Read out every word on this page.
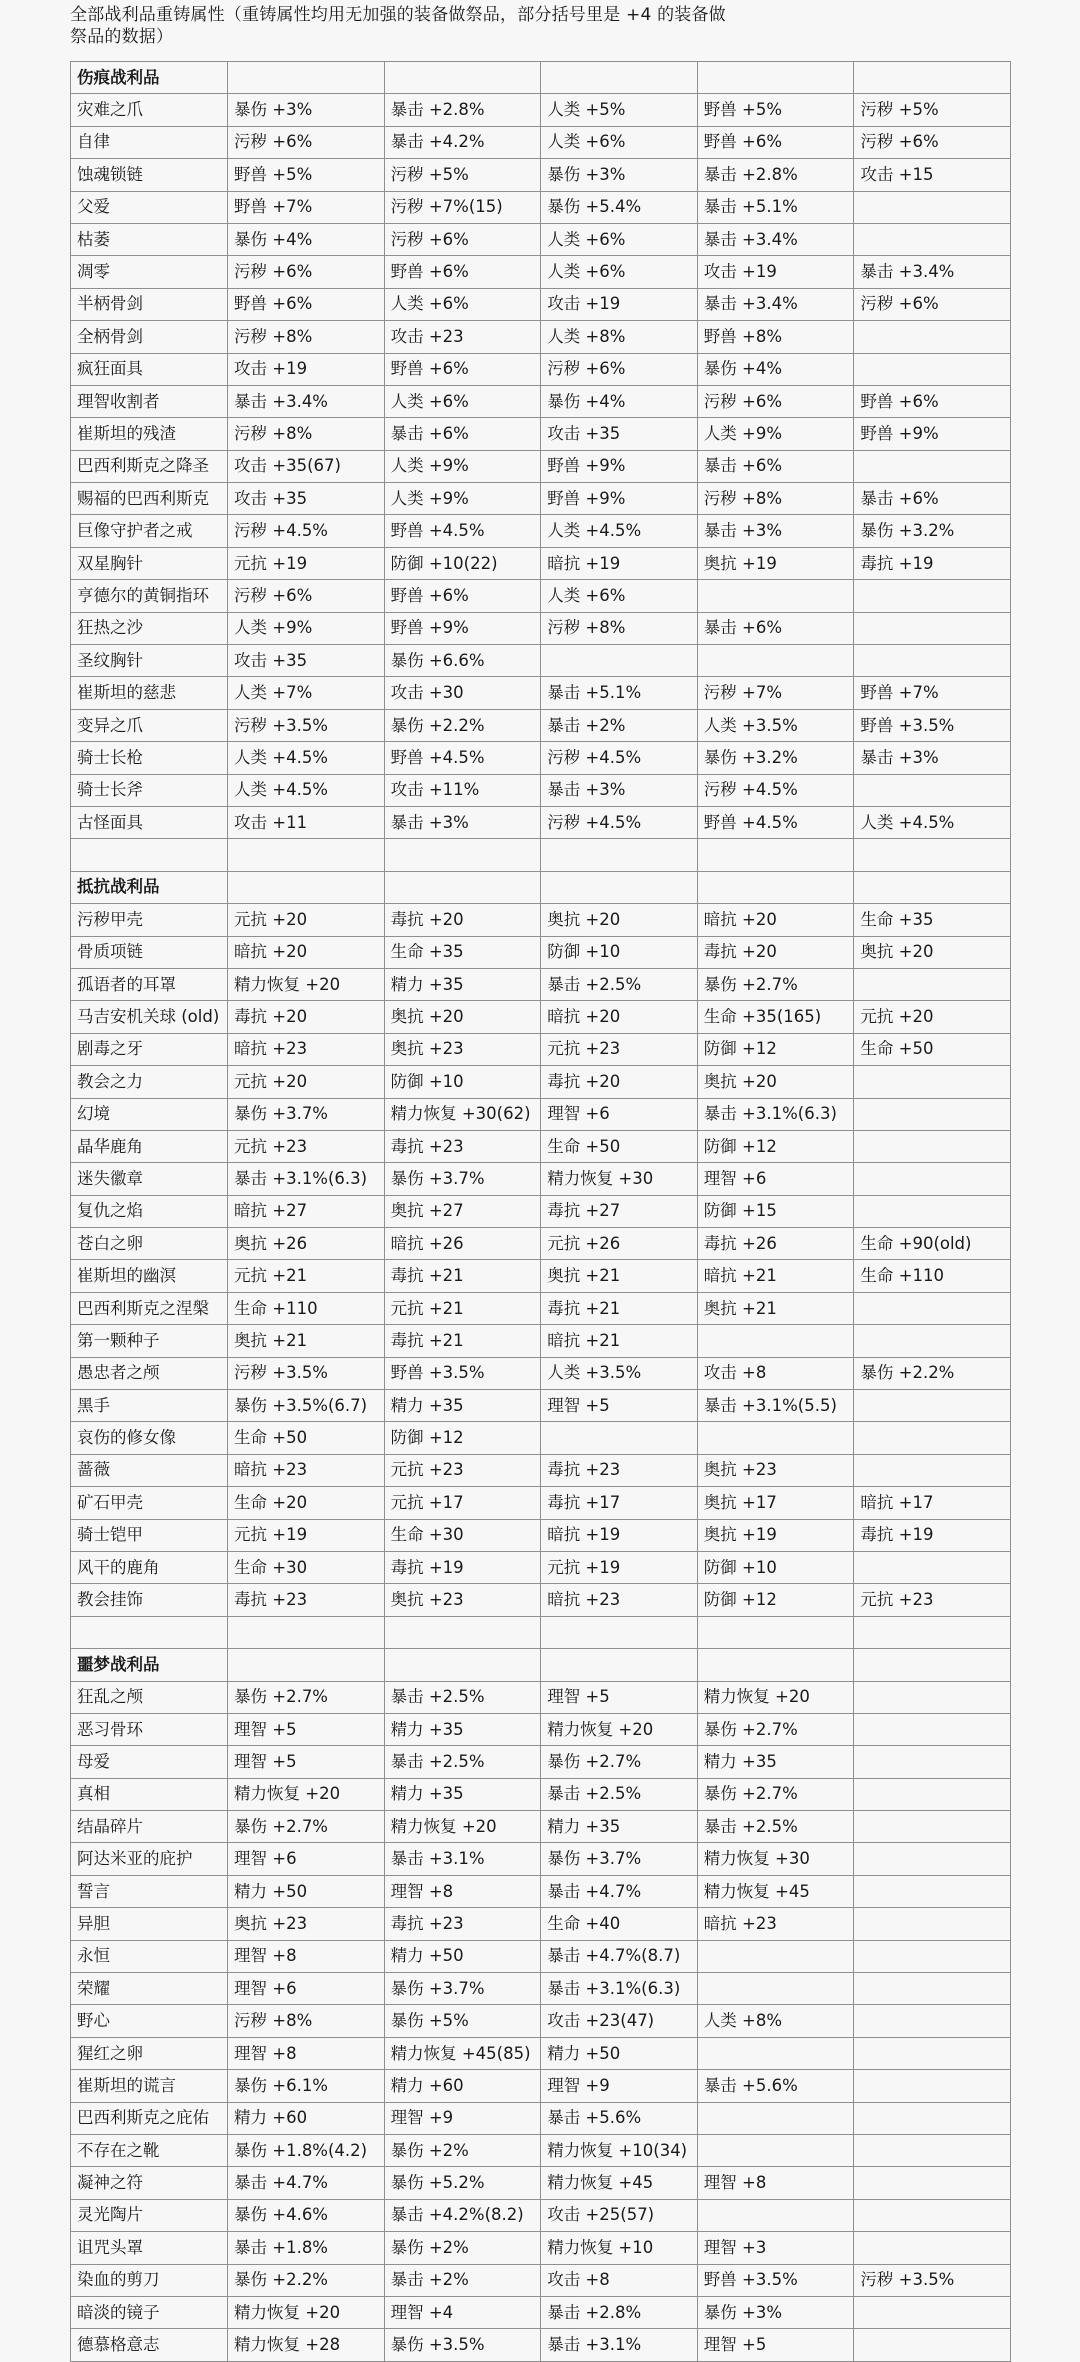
全部战利品重铸属性（重铸属性均用无加强的装备做祭品，部分括号里是 +4 的装备做
祭品的数据）
伤痕战利品					
灾难之爪	暴伤 +3%	暴击 +2.8%	人类 +5%	野兽 +5%	污秽 +5%
自律	污秽 +6%	暴击 +4.2%	人类 +6%	野兽 +6%	污秽 +6%
蚀魂锁链	野兽 +5%	污秽 +5%	暴伤 +3%	暴击 +2.8%	攻击 +15
父爱	野兽 +7%	污秽 +7%(15)	暴伤 +5.4%	暴击 +5.1%	
枯萎	暴伤 +4%	污秽 +6%	人类 +6%	暴击 +3.4%	
凋零	污秽 +6%	野兽 +6%	人类 +6%	攻击 +19	暴击 +3.4%
半柄骨剑	野兽 +6%	人类 +6%	攻击 +19	暴击 +3.4%	污秽 +6%
全柄骨剑	污秽 +8%	攻击 +23	人类 +8%	野兽 +8%	
疯狂面具	攻击 +19	野兽 +6%	污秽 +6%	暴伤 +4%	
理智收割者	暴击 +3.4%	人类 +6%	暴伤 +4%	污秽 +6%	野兽 +6%
崔斯坦的残渣	污秽 +8%	暴击 +6%	攻击 +35	人类 +9%	野兽 +9%
巴西利斯克之降圣	攻击 +35(67)	人类 +9%	野兽 +9%	暴击 +6%	
赐福的巴西利斯克	攻击 +35	人类 +9%	野兽 +9%	污秽 +8%	暴击 +6%
巨像守护者之戒	污秽 +4.5%	野兽 +4.5%	人类 +4.5%	暴击 +3%	暴伤 +3.2%
双星胸针	元抗 +19	防御 +10(22)	暗抗 +19	奥抗 +19	毒抗 +19
亨德尔的黄铜指环	污秽 +6%	野兽 +6%	人类 +6%		
狂热之沙	人类 +9%	野兽 +9%	污秽 +8%	暴击 +6%	
圣纹胸针	攻击 +35	暴伤 +6.6%			
崔斯坦的慈悲	人类 +7%	攻击 +30	暴击 +5.1%	污秽 +7%	野兽 +7%
变异之爪	污秽 +3.5%	暴伤 +2.2%	暴击 +2%	人类 +3.5%	野兽 +3.5%
骑士长枪	人类 +4.5%	野兽 +4.5%	污秽 +4.5%	暴伤 +3.2%	暴击 +3%
骑士长斧	人类 +4.5%	攻击 +11%	暴击 +3%	污秽 +4.5%	
古怪面具	攻击 +11	暴击 +3%	污秽 +4.5%	野兽 +4.5%	人类 +4.5%

抵抗战利品					
污秽甲壳	元抗 +20	毒抗 +20	奥抗 +20	暗抗 +20	生命 +35
骨质项链	暗抗 +20	生命 +35	防御 +10	毒抗 +20	奥抗 +20
孤语者的耳罩	精力恢复 +20	精力 +35	暴击 +2.5%	暴伤 +2.7%	
马吉安机关球 (old)	毒抗 +20	奥抗 +20	暗抗 +20	生命 +35(165)	元抗 +20
剧毒之牙	暗抗 +23	奥抗 +23	元抗 +23	防御 +12	生命 +50
教会之力	元抗 +20	防御 +10	毒抗 +20	奥抗 +20	
幻境	暴伤 +3.7%	精力恢复 +30(62)	理智 +6	暴击 +3.1%(6.3)	
晶华鹿角	元抗 +23	毒抗 +23	生命 +50	防御 +12	
迷失徽章	暴击 +3.1%(6.3)	暴伤 +3.7%	精力恢复 +30	理智 +6	
复仇之焰	暗抗 +27	奥抗 +27	毒抗 +27	防御 +15	
苍白之卵	奥抗 +26	暗抗 +26	元抗 +26	毒抗 +26	生命 +90(old)
崔斯坦的幽溟	元抗 +21	毒抗 +21	奥抗 +21	暗抗 +21	生命 +110
巴西利斯克之涅槃	生命 +110	元抗 +21	毒抗 +21	奥抗 +21	
第一颗种子	奥抗 +21	毒抗 +21	暗抗 +21		
愚忠者之颅	污秽 +3.5%	野兽 +3.5%	人类 +3.5%	攻击 +8	暴伤 +2.2%
黑手	暴伤 +3.5%(6.7)	精力 +35	理智 +5	暴击 +3.1%(5.5)	
哀伤的修女像	生命 +50	防御 +12			
蔷薇	暗抗 +23	元抗 +23	毒抗 +23	奥抗 +23	
矿石甲壳	生命 +20	元抗 +17	毒抗 +17	奥抗 +17	暗抗 +17
骑士铠甲	元抗 +19	生命 +30	暗抗 +19	奥抗 +19	毒抗 +19
风干的鹿角	生命 +30	毒抗 +19	元抗 +19	防御 +10	
教会挂饰	毒抗 +23	奥抗 +23	暗抗 +23	防御 +12	元抗 +23

噩梦战利品					
狂乱之颅	暴伤 +2.7%	暴击 +2.5%	理智 +5	精力恢复 +20	
恶习骨环	理智 +5	精力 +35	精力恢复 +20	暴伤 +2.7%	
母爱	理智 +5	暴击 +2.5%	暴伤 +2.7%	精力 +35	
真相	精力恢复 +20	精力 +35	暴击 +2.5%	暴伤 +2.7%	
结晶碎片	暴伤 +2.7%	精力恢复 +20	精力 +35	暴击 +2.5%	
阿达米亚的庇护	理智 +6	暴击 +3.1%	暴伤 +3.7%	精力恢复 +30	
誓言	精力 +50	理智 +8	暴击 +4.7%	精力恢复 +45	
异胆	奥抗 +23	毒抗 +23	生命 +40	暗抗 +23	
永恒	理智 +8	精力 +50	暴击 +4.7%(8.7)		
荣耀	理智 +6	暴伤 +3.7%	暴击 +3.1%(6.3)		
野心	污秽 +8%	暴伤 +5%	攻击 +23(47)	人类 +8%	
猩红之卵	理智 +8	精力恢复 +45(85)	精力 +50		
崔斯坦的谎言	暴伤 +6.1%	精力 +60	理智 +9	暴击 +5.6%	
巴西利斯克之庇佑	精力 +60	理智 +9	暴击 +5.6%		
不存在之靴	暴伤 +1.8%(4.2)	暴伤 +2%	精力恢复 +10(34)		
凝神之符	暴击 +4.7%	暴伤 +5.2%	精力恢复 +45	理智 +8	
灵光陶片	暴伤 +4.6%	暴击 +4.2%(8.2)	攻击 +25(57)		
诅咒头罩	暴击 +1.8%	暴伤 +2%	精力恢复 +10	理智 +3	
染血的剪刀	暴伤 +2.2%	暴击 +2%	攻击 +8	野兽 +3.5%	污秽 +3.5%
暗淡的镜子	精力恢复 +20	理智 +4	暴击 +2.8%	暴伤 +3%	
德慕格意志	精力恢复 +28	暴伤 +3.5%	暴击 +3.1%	理智 +5	
